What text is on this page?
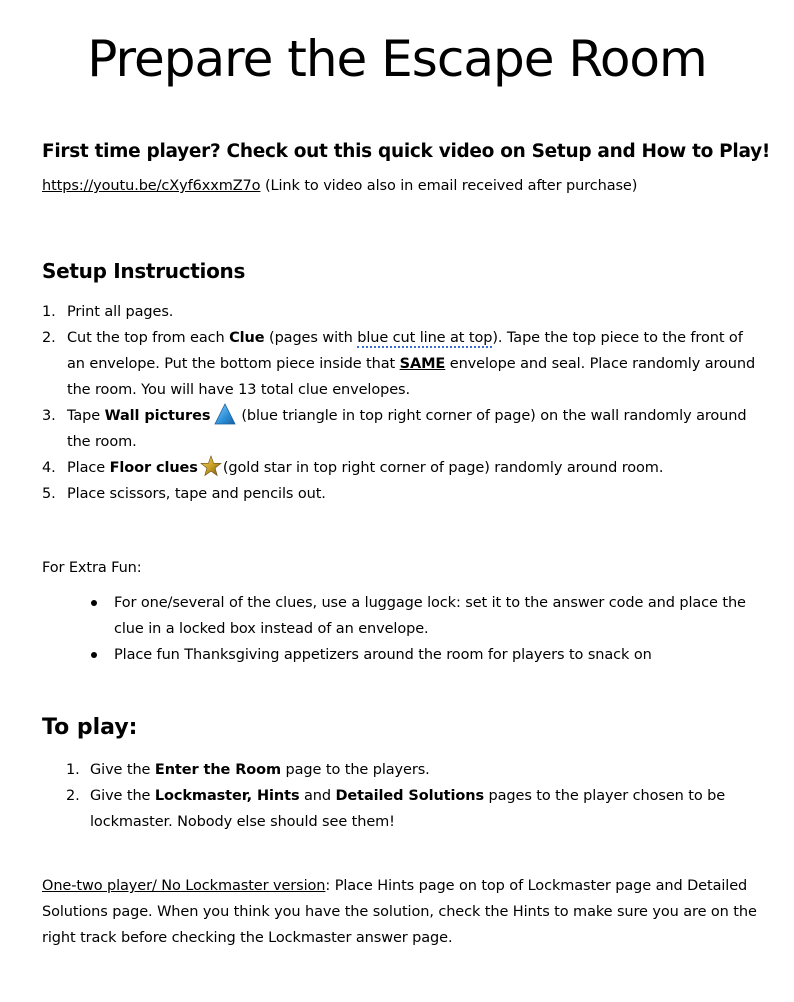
Prepare the Escape Room
First time player? Check out this quick video on Setup and How to Play!
https://youtu.be/cXyf6xxmZ7o (Link to video also in email received after purchase)
Setup Instructions
1. Print all pages.
2. Cut the top from each Clue (pages with blue cut line at top). Tape the top piece to the front of an envelope. Put the bottom piece inside that SAME envelope and seal. Place randomly around the room. You will have 13 total clue envelopes.
3. Tape Wall pictures (blue triangle in top right corner of page) on the wall randomly around the room.
4. Place Floor clues (gold star in top right corner of page) randomly around room.
5. Place scissors, tape and pencils out.
For Extra Fun:
For one/several of the clues, use a luggage lock: set it to the answer code and place the clue in a locked box instead of an envelope.
Place fun Thanksgiving appetizers around the room for players to snack on
To play:
1. Give the Enter the Room page to the players.
2. Give the Lockmaster, Hints and Detailed Solutions pages to the player chosen to be lockmaster. Nobody else should see them!
One-two player/ No Lockmaster version: Place Hints page on top of Lockmaster page and Detailed Solutions page. When you think you have the solution, check the Hints to make sure you are on the right track before checking the Lockmaster answer page.
